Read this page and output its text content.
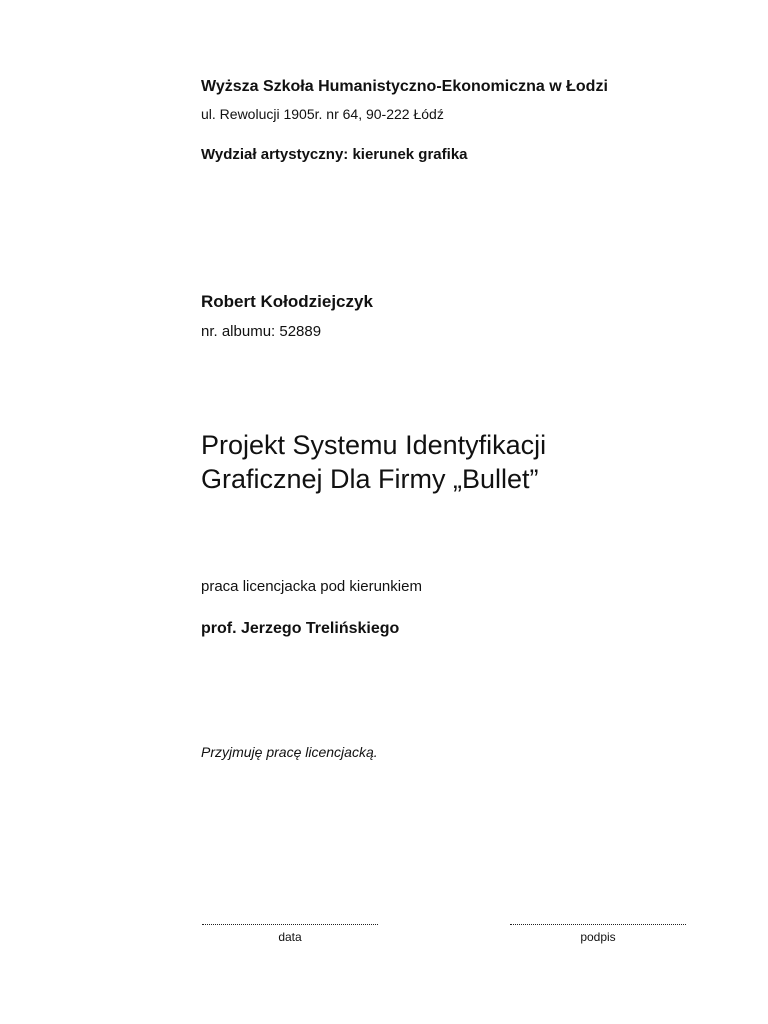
Wyższa Szkoła Humanistyczno-Ekonomiczna w Łodzi
ul. Rewolucji 1905r. nr 64, 90-222 Łódź
Wydział artystyczny: kierunek grafika
Robert Kołodziejczyk
nr. albumu: 52889
Projekt Systemu Identyfikacji
Graficznej Dla Firmy „Bullet”
praca licencjacka pod kierunkiem
prof. Jerzego Trelińskiego
Przyjmuję pracę licencjacką.
data	podpis
